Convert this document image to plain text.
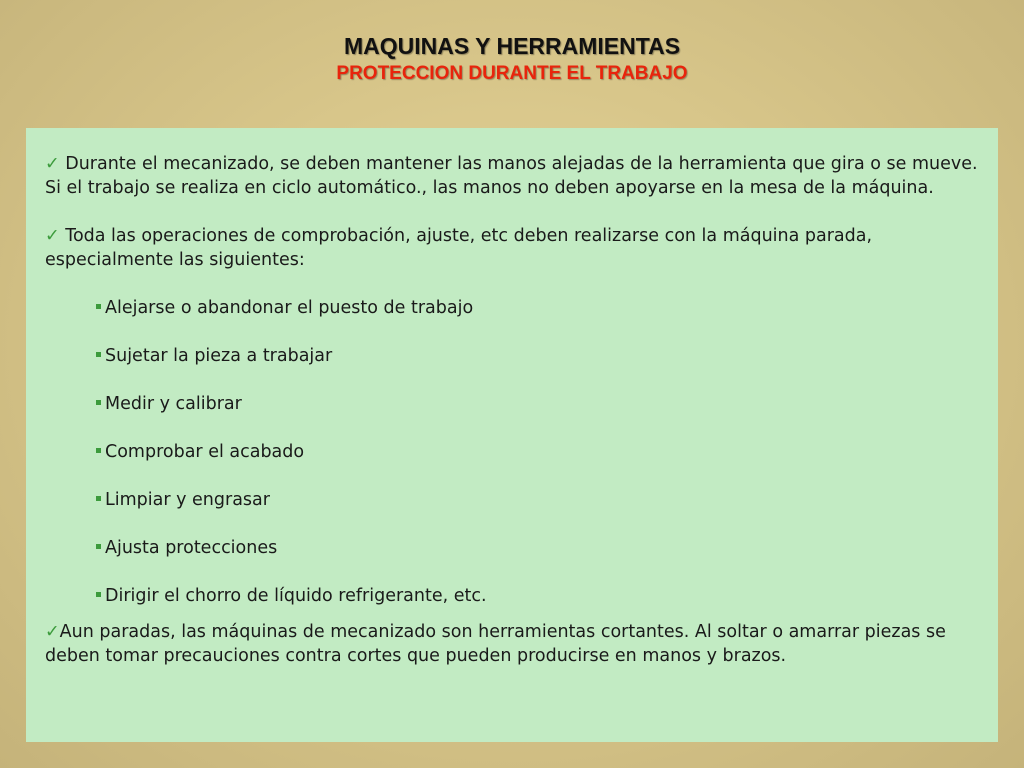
MAQUINAS Y HERRAMIENTAS
PROTECCION DURANTE EL TRABAJO

✓ Durante el mecanizado, se deben mantener las manos alejadas de la herramienta que gira o se mueve. Si el trabajo se realiza en ciclo automático., las manos no deben apoyarse en la mesa de la máquina.

✓ Toda las operaciones de comprobación, ajuste, etc deben realizarse con la máquina parada, especialmente las siguientes:

Alejarse o abandonar el puesto de trabajo
Sujetar la pieza a trabajar
Medir y calibrar
Comprobar el acabado
Limpiar y engrasar
Ajusta protecciones
Dirigir el chorro de líquido refrigerante, etc.

✓Aun paradas, las máquinas de mecanizado son herramientas cortantes. Al soltar o amarrar piezas se deben tomar precauciones contra cortes que pueden producirse en manos y brazos.
